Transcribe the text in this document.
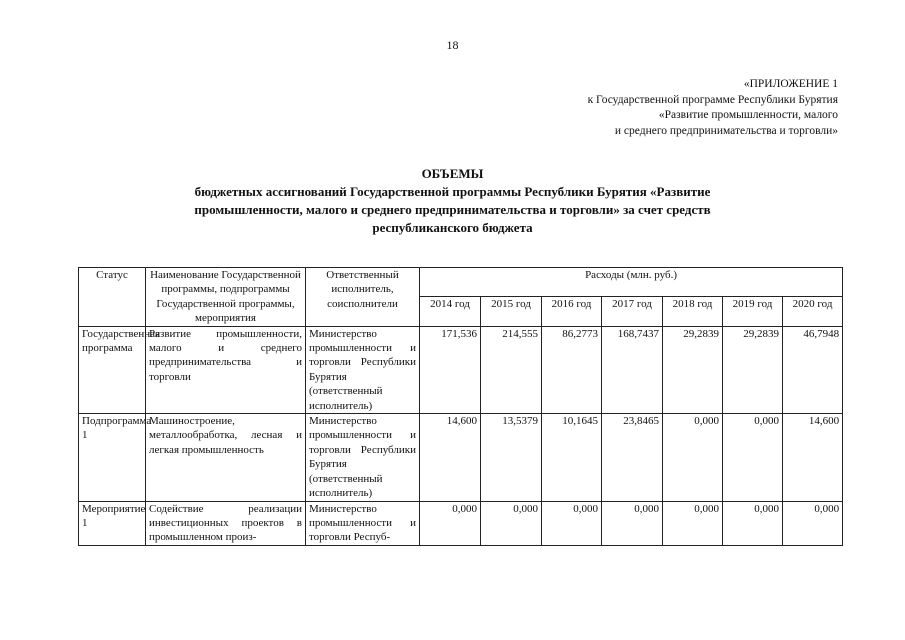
18
«ПРИЛОЖЕНИЕ 1
к Государственной программе Республики Бурятия
«Развитие промышленности, малого
и среднего предпринимательства и торговли»
ОБЪЕМЫ
бюджетных ассигнований Государственной программы Республики Бурятия «Развитие
промышленности, малого и среднего предпринимательства и торговли» за счет средств
республиканского бюджета
Статус	Наименование Государственной программы, подпрограммы Государственной программы, мероприятия	Ответственный исполнитель, соисполнители	Расходы (млн. руб.)						
			2014 год	2015 год	2016 год	2017 год	2018 год	2019 год	2020 год
Государственная программа	Развитие промышленности, малого и среднего предпринимательства и торговли	Министерство промышленности и торговли Республики Бурятия (ответственный исполнитель)	171,536	214,555	86,2773	168,7437	29,2839	29,2839	46,7948
Подпрограмма 1	Машиностроение, металлообработка, лесная и легкая промышленность	Министерство промышленности и торговли Республики Бурятия (ответственный исполнитель)	14,600	13,5379	10,1645	23,8465	0,000	0,000	14,600
Мероприятие 1	Содействие реализации инвестиционных проектов в промышленном произ-	Министерство промышленности и торговли Респуб-	0,000	0,000	0,000	0,000	0,000	0,000	0,000
